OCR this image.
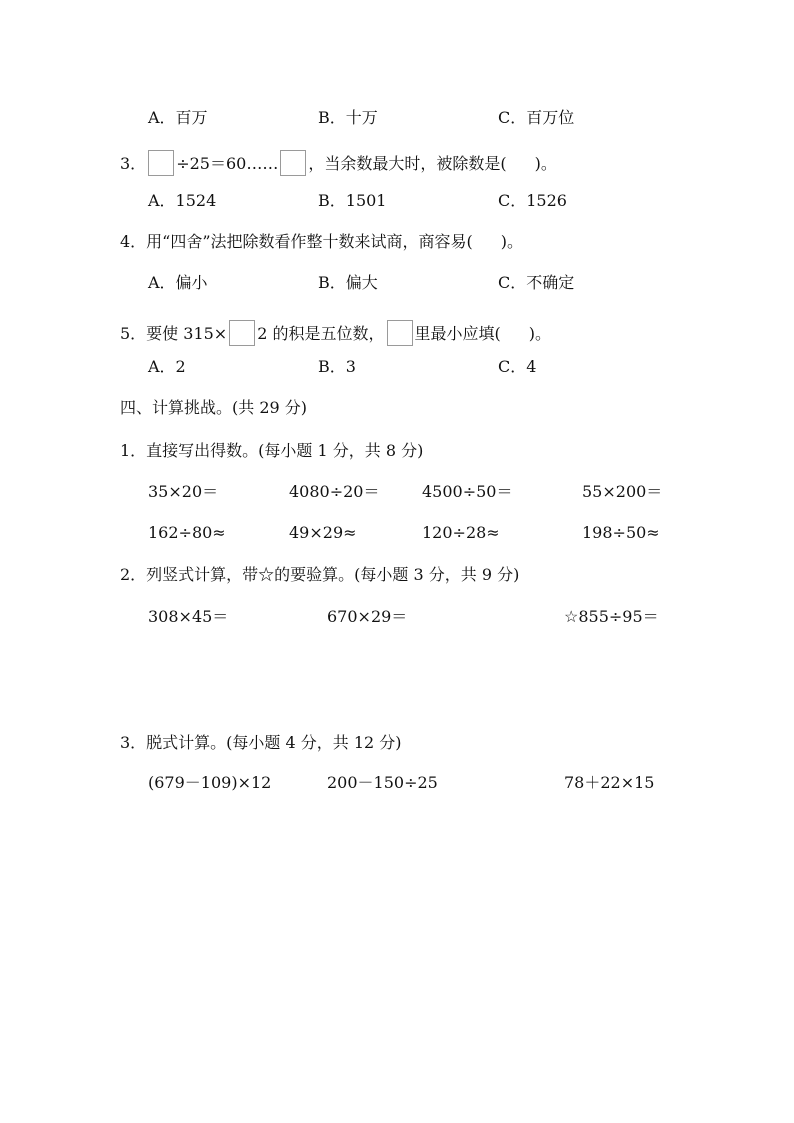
A．百万	B．十万	C．百万位
3． ÷25＝60…… ，当余数最大时，被除数是( )。
A．1524	B．1501	C．1526
4．用“四舍”法把除数看作整十数来试商，商容易( )。
A．偏小	B．偏大	C．不确定
5．要使 315× 2 的积是五位数， 里最小应填( )。
A．2	B．3	C．4
四、计算挑战。(共 29 分)
1．直接写出得数。(每小题 1 分，共 8 分)
35×20＝	4080÷20＝	4500÷50＝	55×200＝
162÷80≈	49×29≈	120÷28≈	198÷50≈
2．列竖式计算，带☆的要验算。(每小题 3 分，共 9 分)
308×45＝	670×29＝	☆855÷95＝
3．脱式计算。(每小题 4 分，共 12 分)
(679－109)×12	200－150÷25	78＋22×15
